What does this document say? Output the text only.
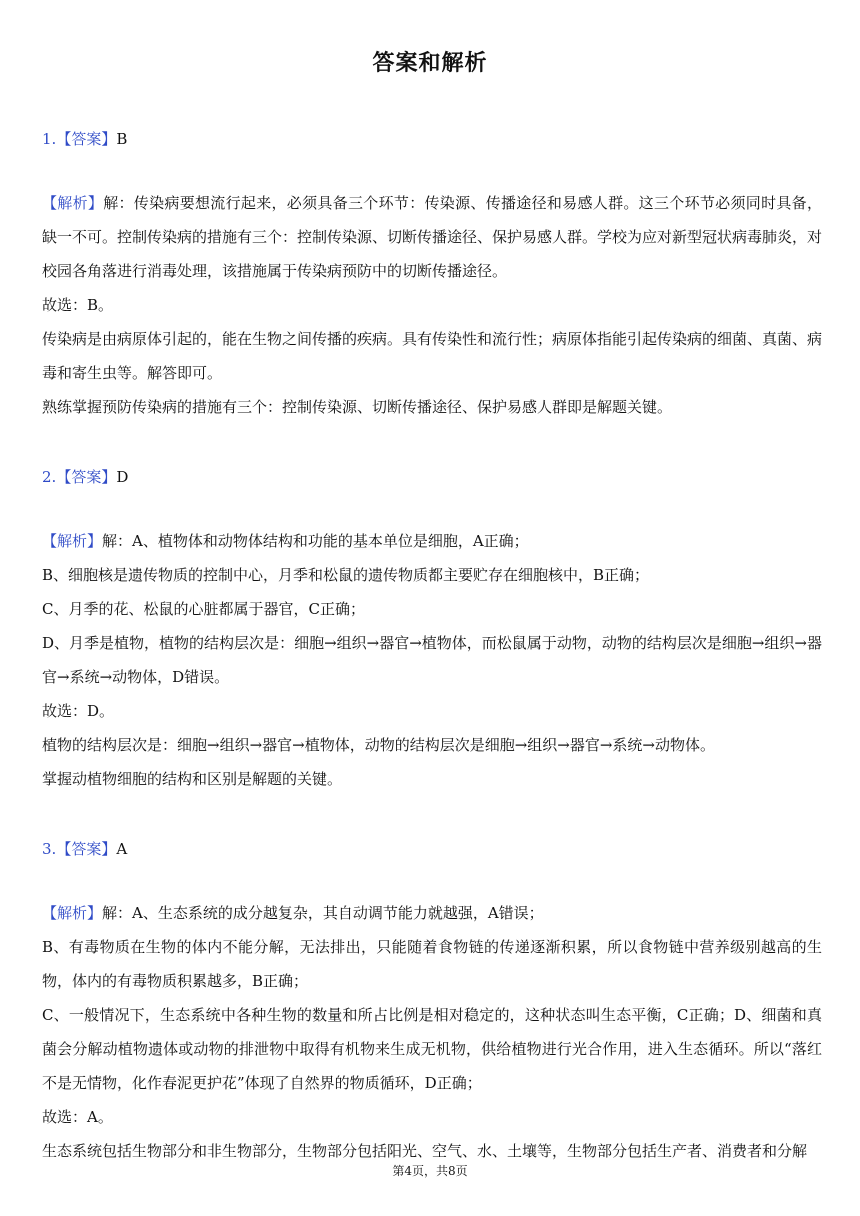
答案和解析
1.【答案】B

【解析】解：传染病要想流行起来，必须具备三个环节：传染源、传播途径和易感人群。这三个环节必须同时具备，缺一不可。控制传染病的措施有三个：控制传染源、切断传播途径、保护易感人群。学校为应对新型冠状病毒肺炎，对校园各角落进行消毒处理，该措施属于传染病预防中的切断传播途径。

故选：B。

传染病是由病原体引起的，能在生物之间传播的疾病。具有传染性和流行性；病原体指能引起传染病的细菌、真菌、病毒和寄生虫等。解答即可。

熟练掌握预防传染病的措施有三个：控制传染源、切断传播途径、保护易感人群即是解题关键。

2.【答案】D

【解析】解：A、植物体和动物体结构和功能的基本单位是细胞，A正确；

B、细胞核是遗传物质的控制中心，月季和松鼠的遗传物质都主要贮存在细胞核中，B正确；

C、月季的花、松鼠的心脏都属于器官，C正确；

D、月季是植物，植物的结构层次是：细胞→组织→器官→植物体，而松鼠属于动物，动物的结构层次是细胞→组织→器官→系统→动物体，D错误。

故选：D。

植物的结构层次是：细胞→组织→器官→植物体，动物的结构层次是细胞→组织→器官→系统→动物体。

掌握动植物细胞的结构和区别是解题的关键。

3.【答案】A

【解析】解：A、生态系统的成分越复杂，其自动调节能力就越强，A错误；

B、有毒物质在生物的体内不能分解，无法排出，只能随着食物链的传递逐渐积累，所以食物链中营养级别越高的生物，体内的有毒物质积累越多，B正确；

C、一般情况下，生态系统中各种生物的数量和所占比例是相对稳定的，这种状态叫生态平衡，C正确；D、细菌和真菌会分解动植物遗体或动物的排泄物中取得有机物来生成无机物，供给植物进行光合作用，进入生态循环。所以“落红不是无情物，化作春泥更护花”体现了自然界的物质循环，D正确；

故选：A。

生态系统包括生物部分和非生物部分，生物部分包括阳光、空气、水、土壤等，生物部分包括生产者、消费者和分解

第4页，共8页
